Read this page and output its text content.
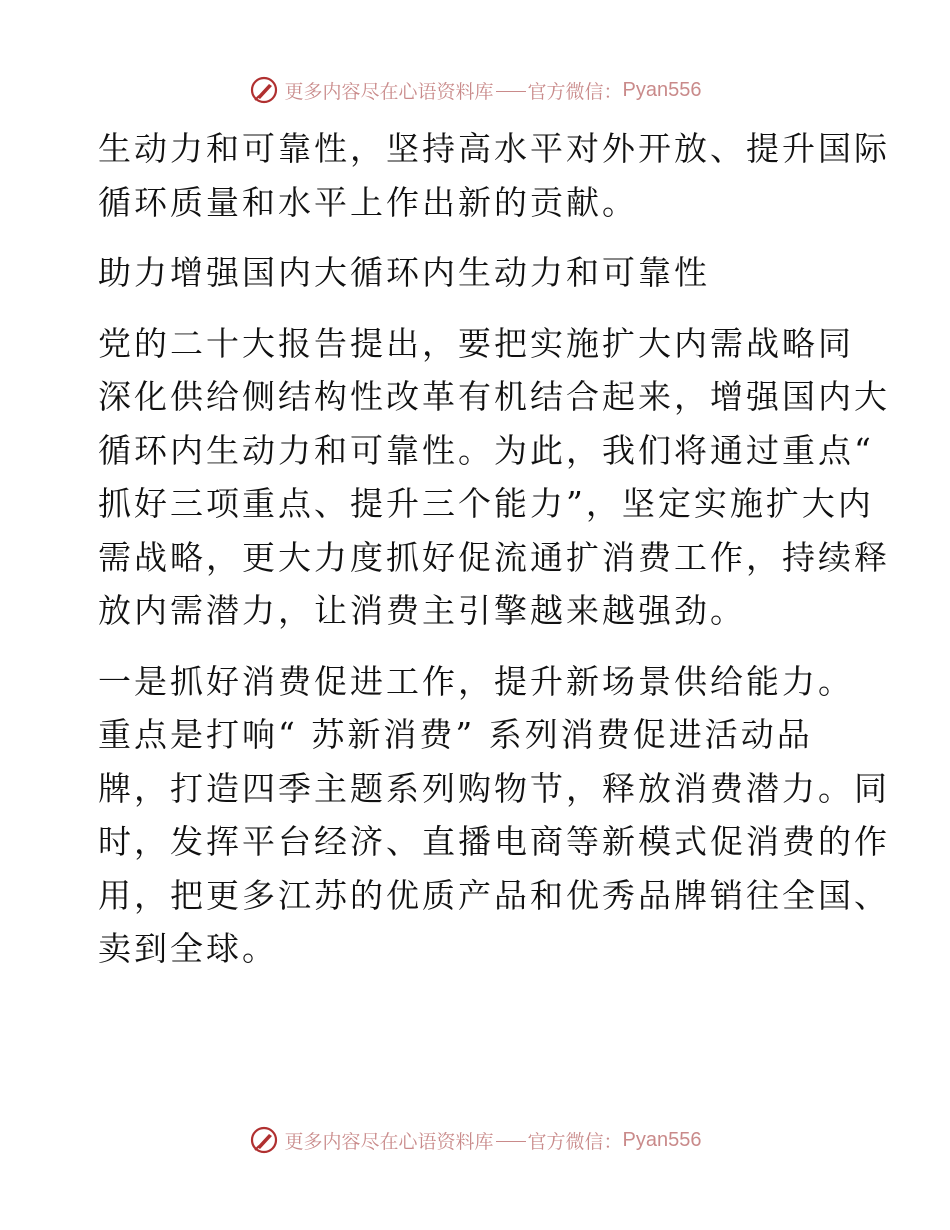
更多内容尽在心语资料库 官方微信： Pyan556

生动力和可靠性，坚持高水平对外开放、提升国际
循环质量和水平上作出新的贡献。

助力增强国内大循环内生动力和可靠性

党的二十大报告提出，要把实施扩大内需战略同
深化供给侧结构性改革有机结合起来，增强国内大
循环内生动力和可靠性。为此，我们将通过重点“
抓好三项重点、提升三个能力”，坚定实施扩大内
需战略，更大力度抓好促流通扩消费工作，持续释
放内需潜力，让消费主引擎越来越强劲。

一是抓好消费促进工作，提升新场景供给能力。
重点是打响“ 苏新消费” 系列消费促进活动品
牌，打造四季主题系列购物节，释放消费潜力。同
时，发挥平台经济、直播电商等新模式促消费的作
用，把更多江苏的优质产品和优秀品牌销往全国、
卖到全球。

更多内容尽在心语资料库 官方微信： Pyan556
